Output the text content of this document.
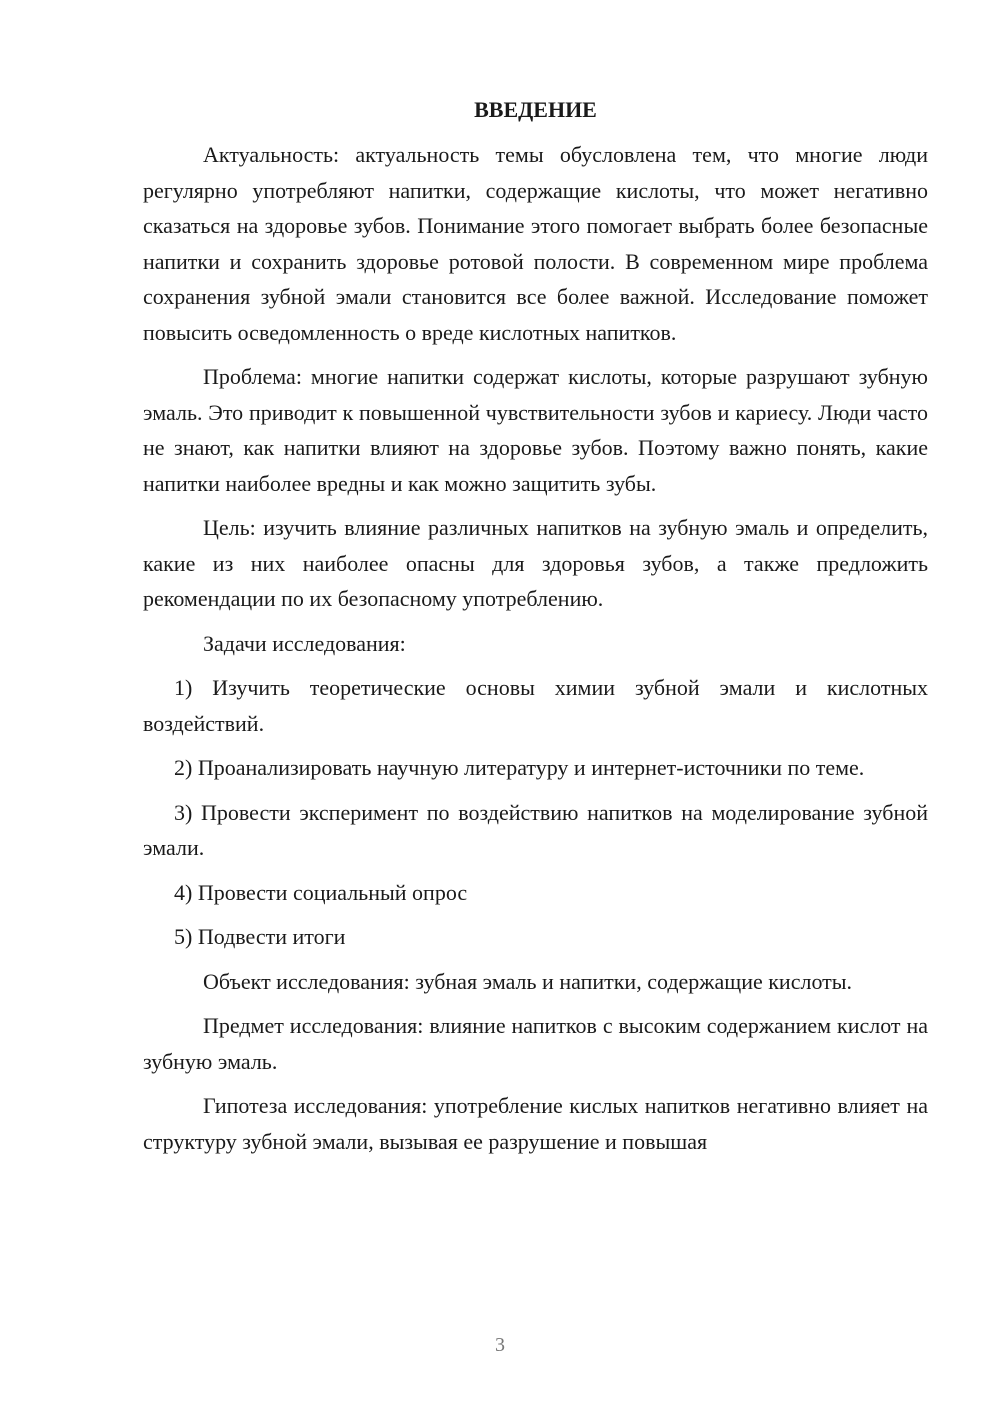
ВВЕДЕНИЕ

Актуальность: актуальность темы обусловлена тем, что многие люди регулярно употребляют напитки, содержащие кислоты, что может негативно сказаться на здоровье зубов. Понимание этого помогает выбрать более безопасные напитки и сохранить здоровье ротовой полости. В современном мире проблема сохранения зубной эмали становится все более важной. Исследование поможет повысить осведомленность о вреде кислотных напитков.

Проблема: многие напитки содержат кислоты, которые разрушают зубную эмаль. Это приводит к повышенной чувствительности зубов и кариесу. Люди часто не знают, как напитки влияют на здоровье зубов. Поэтому важно понять, какие напитки наиболее вредны и как можно защитить зубы.

Цель: изучить влияние различных напитков на зубную эмаль и определить, какие из них наиболее опасны для здоровья зубов, а также предложить рекомендации по их безопасному употреблению.

Задачи исследования:

1) Изучить теоретические основы химии зубной эмали и кислотных воздействий.

2) Проанализировать научную литературу и интернет-источники по теме.

3) Провести эксперимент по воздействию напитков на моделирование зубной эмали.

4) Провести социальный опрос

5) Подвести итоги

Объект исследования: зубная эмаль и напитки, содержащие кислоты.

Предмет исследования: влияние напитков с высоким содержанием кислот на зубную эмаль.

Гипотеза исследования: употребление кислых напитков негативно влияет на структуру зубной эмали, вызывая ее разрушение и повышая

3
